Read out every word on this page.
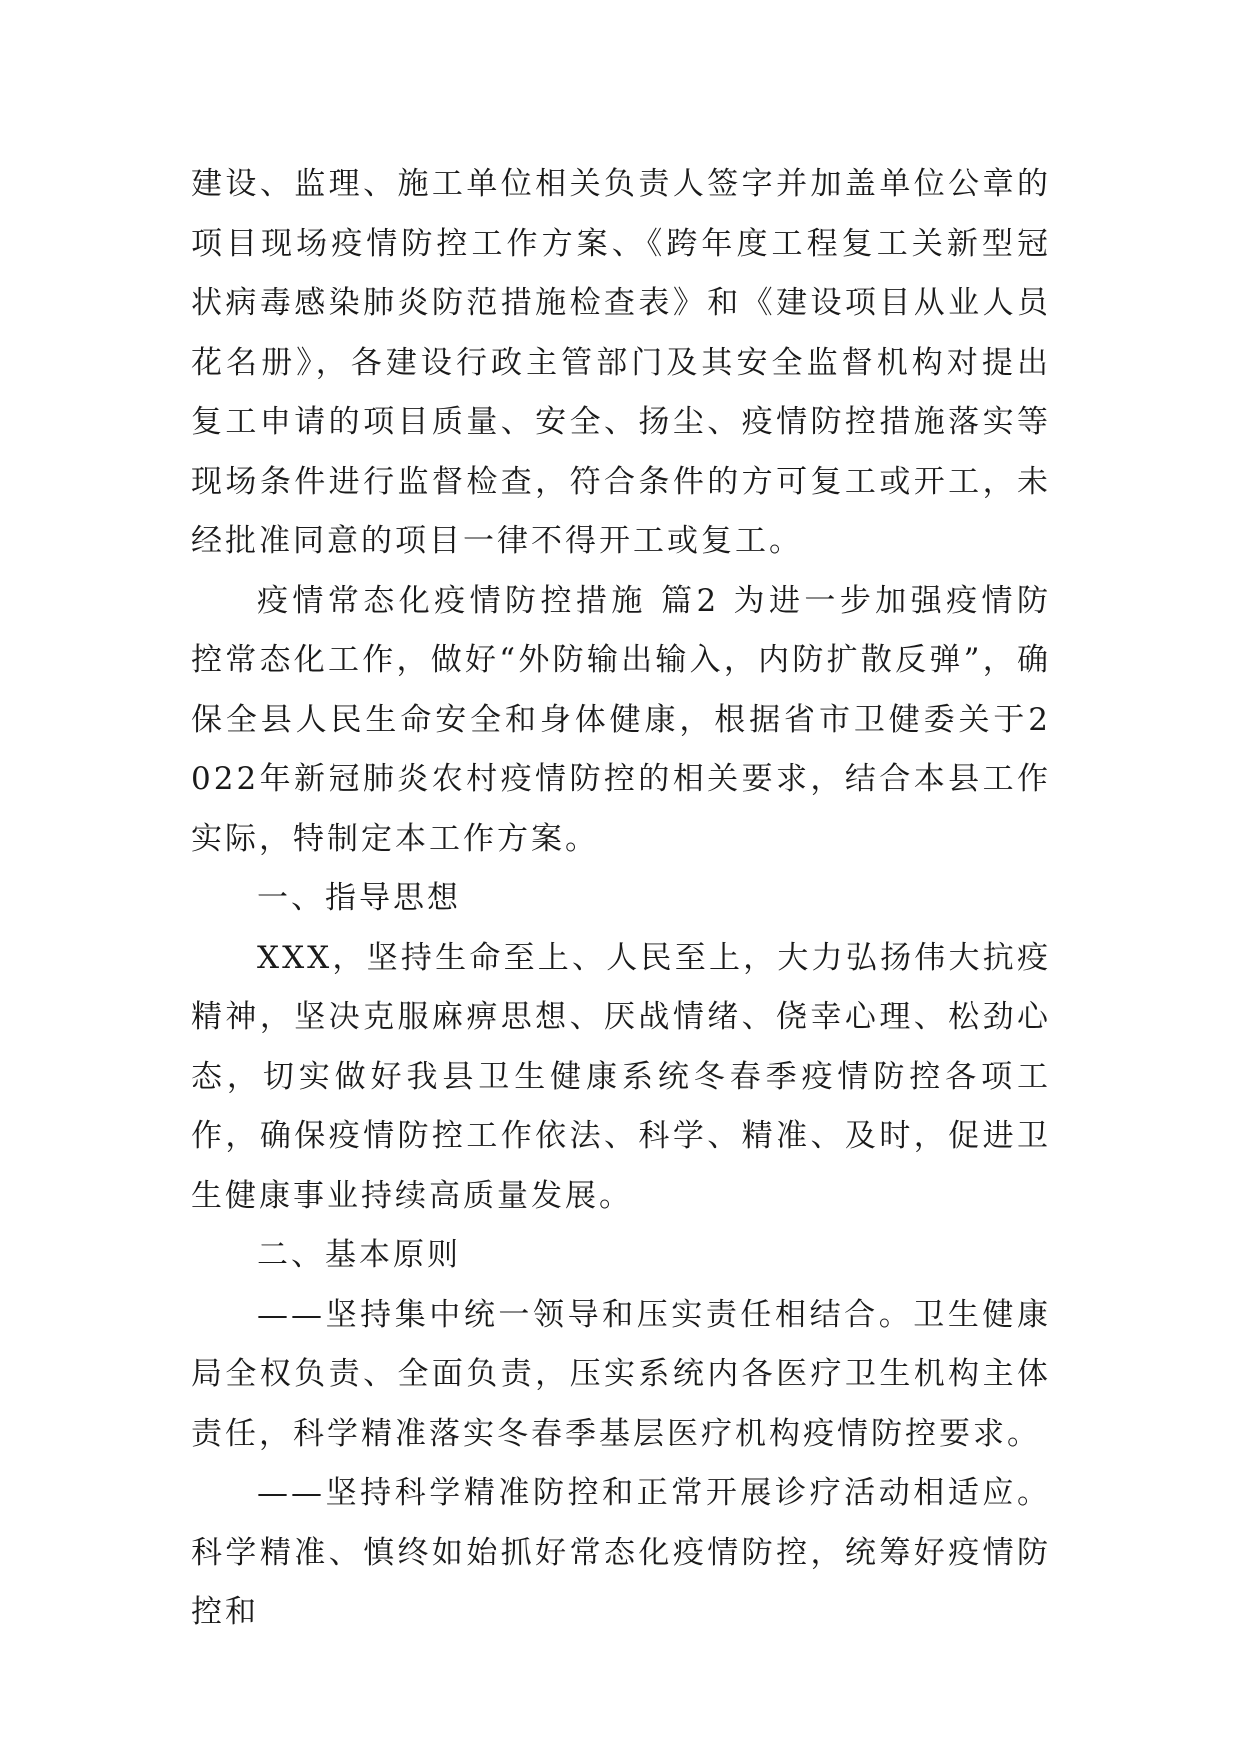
建设、监理、施工单位相关负责人签字并加盖单位公章的项目现场疫情防控工作方案、《跨年度工程复工关新型冠状病毒感染肺炎防范措施检查表》和《建设项目从业人员花名册》，各建设行政主管部门及其安全监督机构对提出复工申请的项目质量、安全、扬尘、疫情防控措施落实等现场条件进行监督检查，符合条件的方可复工或开工，未经批准同意的项目一律不得开工或复工。

疫情常态化疫情防控措施 篇2 为进一步加强疫情防控常态化工作，做好“外防输出输入，内防扩散反弹”，确保全县人民生命安全和身体健康，根据省市卫健委关于2022年新冠肺炎农村疫情防控的相关要求，结合本县工作实际，特制定本工作方案。

一、指导思想

XXX，坚持生命至上、人民至上，大力弘扬伟大抗疫精神，坚决克服麻痹思想、厌战情绪、侥幸心理、松劲心态，切实做好我县卫生健康系统冬春季疫情防控各项工作，确保疫情防控工作依法、科学、精准、及时，促进卫生健康事业持续高质量发展。

二、基本原则

——坚持集中统一领导和压实责任相结合。卫生健康局全权负责、全面负责，压实系统内各医疗卫生机构主体责任，科学精准落实冬春季基层医疗机构疫情防控要求。

——坚持科学精准防控和正常开展诊疗活动相适应。科学精准、慎终如始抓好常态化疫情防控，统筹好疫情防控和
